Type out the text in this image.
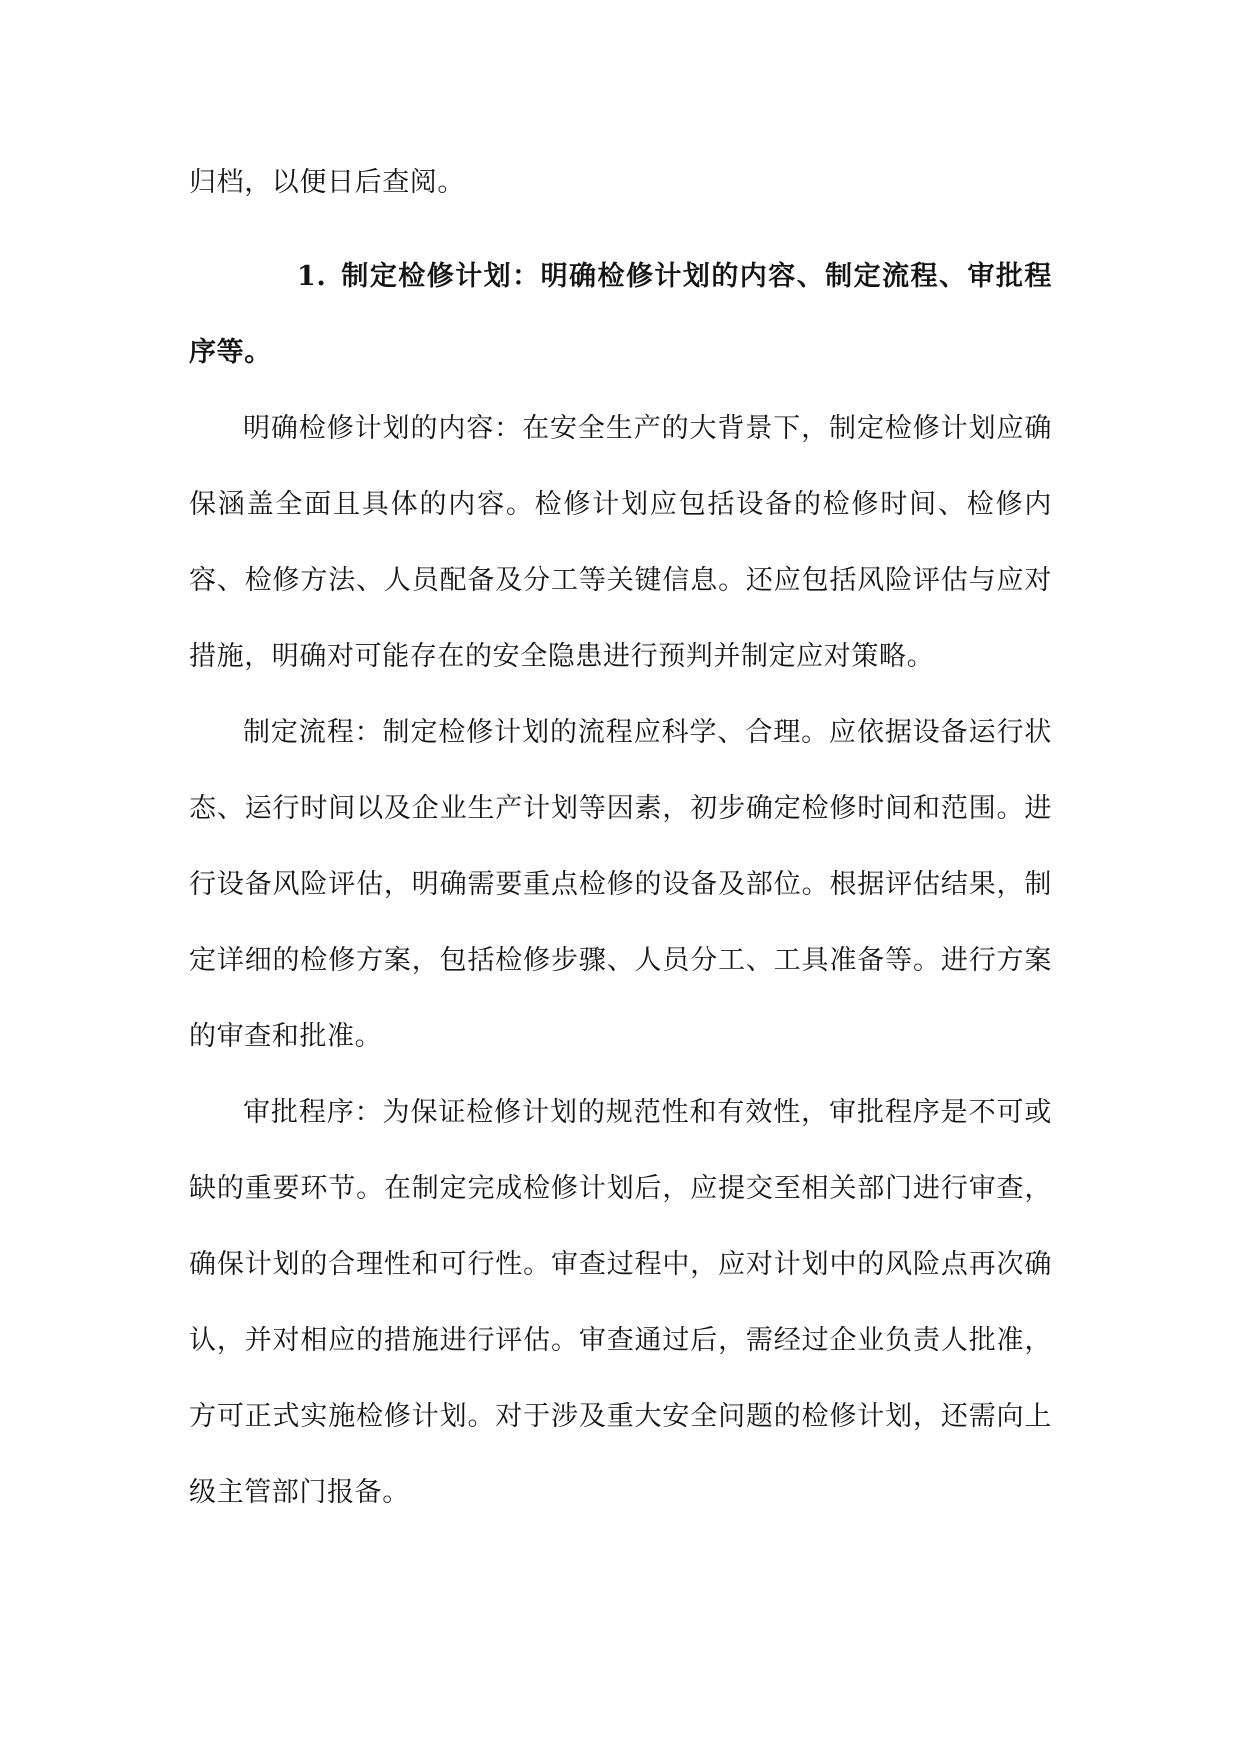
归档，以便日后查阅。

1.  制定检修计划：明确检修计划的内容、制定流程、审批程序等。

明确检修计划的内容：在安全生产的大背景下，制定检修计划应确保涵盖全面且具体的内容。检修计划应包括设备的检修时间、检修内容、检修方法、人员配备及分工等关键信息。还应包括风险评估与应对措施，明确对可能存在的安全隐患进行预判并制定应对策略。

制定流程：制定检修计划的流程应科学、合理。应依据设备运行状态、运行时间以及企业生产计划等因素，初步确定检修时间和范围。进行设备风险评估，明确需要重点检修的设备及部位。根据评估结果，制定详细的检修方案，包括检修步骤、人员分工、工具准备等。进行方案的审查和批准。

审批程序：为保证检修计划的规范性和有效性，审批程序是不可或缺的重要环节。在制定完成检修计划后，应提交至相关部门进行审查，确保计划的合理性和可行性。审查过程中，应对计划中的风险点再次确认，并对相应的措施进行评估。审查通过后，需经过企业负责人批准，方可正式实施检修计划。对于涉及重大安全问题的检修计划，还需向上级主管部门报备。
